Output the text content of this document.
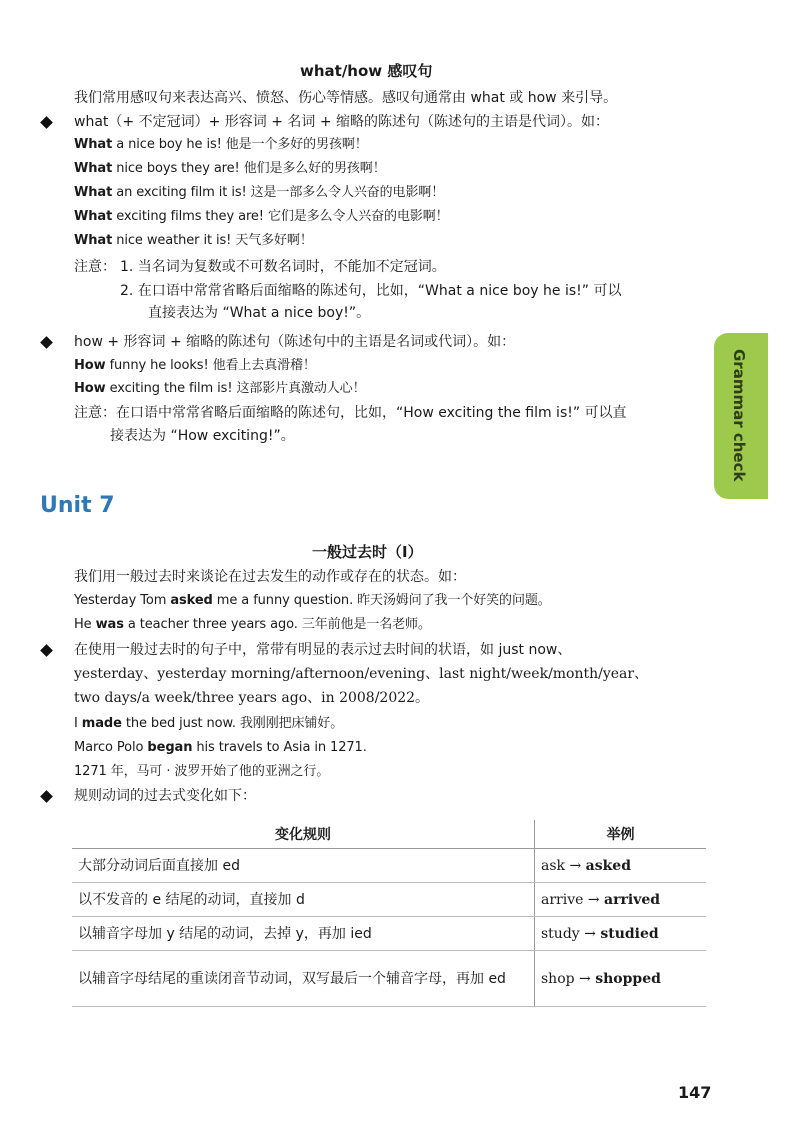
what/how 感叹句
我们常用感叹句来表达高兴、愤怒、伤心等情感。感叹句通常由 what 或 how 来引导。
what（+ 不定冠词）+ 形容词 + 名词 + 缩略的陈述句（陈述句的主语是代词）。如：
What a nice boy he is! 他是一个多好的男孩啊！
What nice boys they are! 他们是多么好的男孩啊！
What an exciting film it is! 这是一部多么令人兴奋的电影啊！
What exciting films they are! 它们是多么令人兴奋的电影啊！
What nice weather it is! 天气多好啊！
注意： 1. 当名词为复数或不可数名词时，不能加不定冠词。
2. 在口语中常常省略后面缩略的陈述句，比如，“What a nice boy he is!” 可以
直接表达为 “What a nice boy!”。
how + 形容词 + 缩略的陈述句（陈述句中的主语是名词或代词）。如：
How funny he looks! 他看上去真滑稽！
How exciting the film is! 这部影片真激动人心！
注意：在口语中常常省略后面缩略的陈述句，比如，“How exciting the film is!” 可以直
接表达为 “How exciting!”。	Grammar check
Unit 7
一般过去时（I）
我们用一般过去时来谈论在过去发生的动作或存在的状态。如：
Yesterday Tom asked me a funny question. 昨天汤姆问了我一个好笑的问题。
He was a teacher three years ago. 三年前他是一名老师。
在使用一般过去时的句子中，常带有明显的表示过去时间的状语，如 just now、
yesterday、yesterday morning/afternoon/evening、last night/week/month/year、
two days/a week/three years ago、in 2008/2022。
I made the bed just now. 我刚刚把床铺好。
Marco Polo began his travels to Asia in 1271.
1271 年，马可 · 波罗开始了他的亚洲之行。
规则动词的过去式变化如下：
变化规则	举例
大部分动词后面直接加 ed	ask → asked
以不发音的 e 结尾的动词，直接加 d	arrive → arrived
以辅音字母加 y 结尾的动词，去掉 y，再加 ied	study → studied
以辅音字母结尾的重读闭音节动词，双写最后一个辅音字母，再加 ed	shop → shopped
147
